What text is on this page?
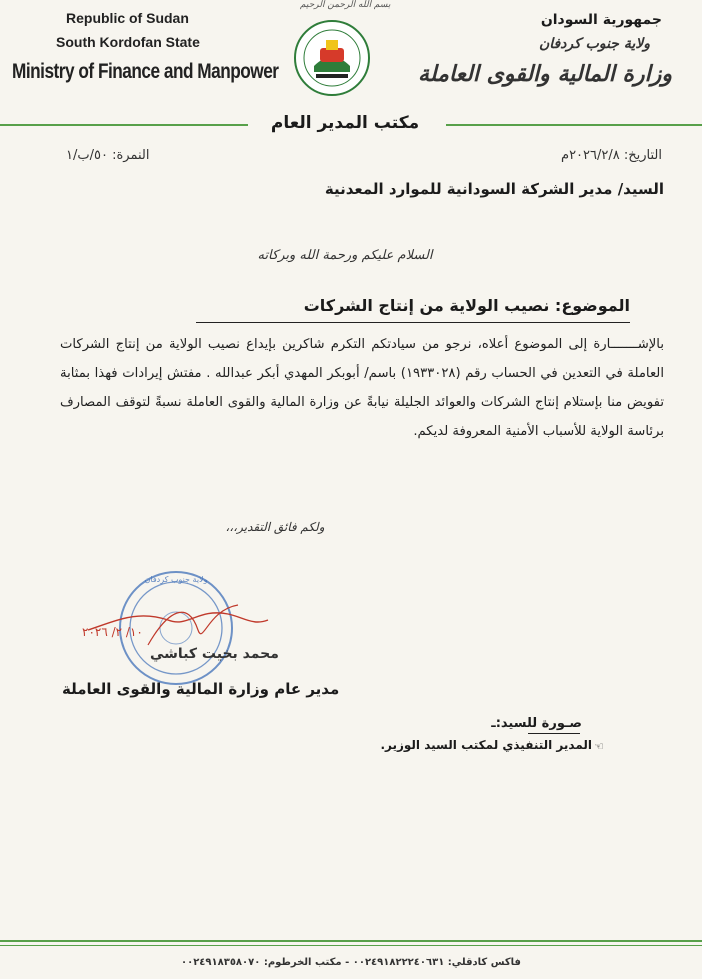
بسم الله الرحمن الرحيم
Republic of Sudan
South Kordofan State
Ministry of Finance and Manpower
جمهورية السودان
ولاية جنوب كردفان
وزارة المالية والقوى العاملة
مكتب المدير العام
التاريخ: ٢٠٢٦/٢/٨م
النمرة: ٥٠/ب/١
السيد/ مدير الشركة السودانية للموارد المعدنية
السلام عليكم ورحمة الله وبركاته
الموضوع: نصيب الولاية من إنتاج الشركات
بالإشـــــــارة إلى الموضوع أعلاه، نرجو من سيادتكم التكرم شاكرين بإيداع نصيب الولاية من إنتاج الشركات العاملة في التعدين في الحساب رقم (١٩٣٣٠٢٨) باسم/ أبوبكر المهدي أبكر عبدالله . مفتش إيرادات فهذا بمثابة تفويض منا بإستلام إنتاج الشركات والعوائد الجليلة نيابةً عن وزارة المالية والقوى العاملة نسبةً لتوقف المصارف برئاسة الولاية للأسباب الأمنية المعروفة لديكم.
ولكم فائق التقدير،،،
ولاية جنوب كردفان
١٠/ ٢/ ٢٠٢٦
محمد بخيت كباشي
مدير عام وزارة المالية والقوى العاملة
صـورة للسيد:ـ
☜
المدير التنفيذي لمكتب السيد الوزير.
فاكس كادقلي: ٠٠٢٤٩١٨٢٢٢٤٠٦٣١ - مكتب الخرطوم: ٠٠٢٤٩١٨٣٥٨٠٧٠
